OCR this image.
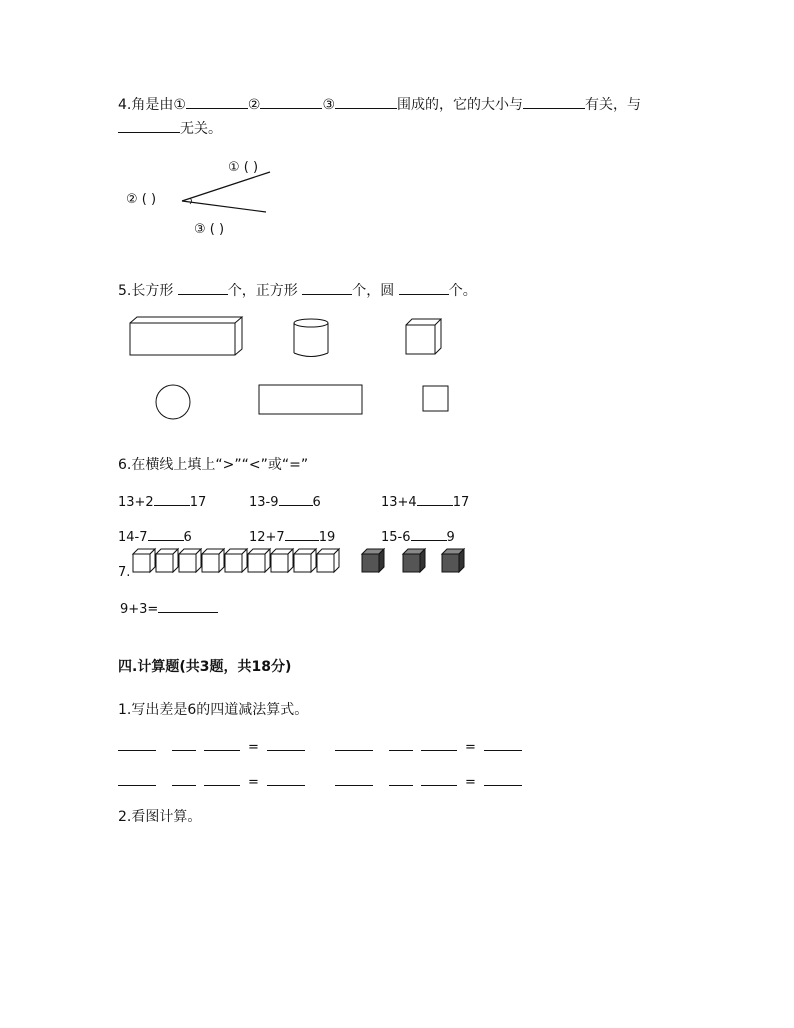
4.角是由①	②	③	围成的，它的大小与	有关，与
无关。
① ( )
② ( )
③ ( )
5.长方形	个，正方形	个，圆	个。
6.在横线上填上“>”“<”或“=”
13+2	17	13-9	6	13+4	17
14-7	6	12+7	19	15-6	9
7.
9+3=
四.计算题(共3题，共18分)
1.写出差是6的四道减法算式。
=	=
=	=
2.看图计算。
